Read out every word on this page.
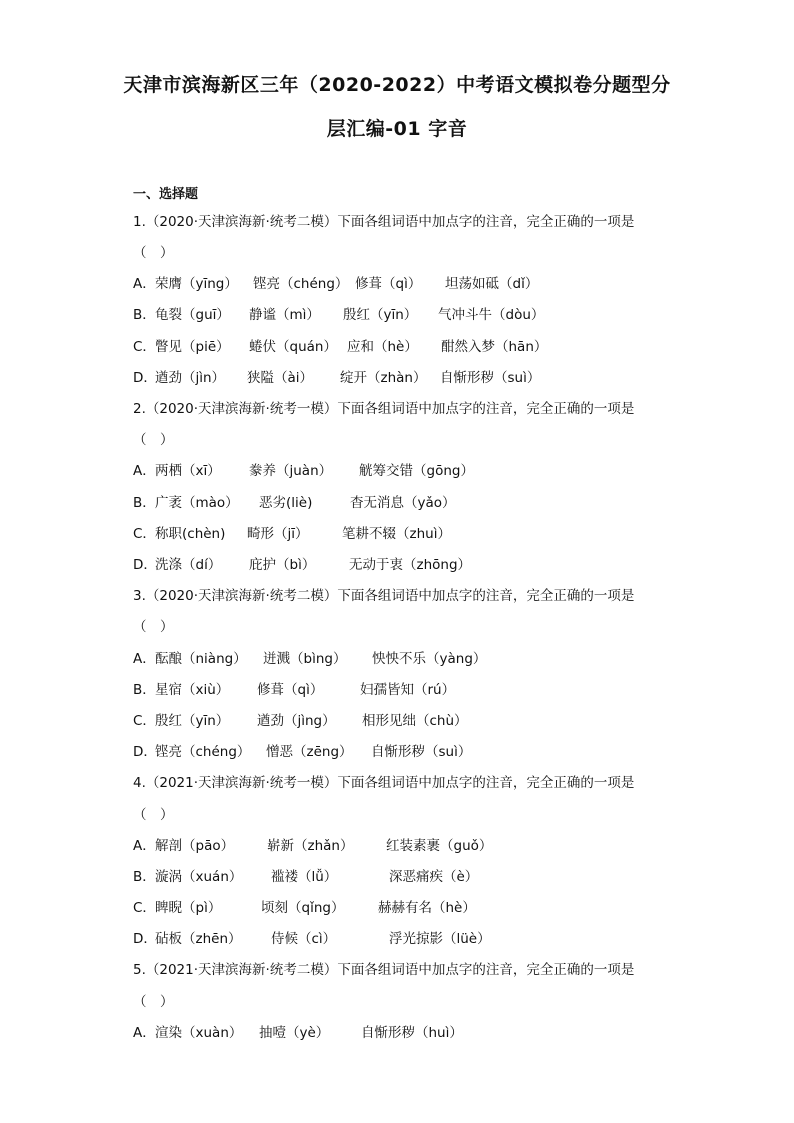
天津市滨海新区三年（2020-2022）中考语文模拟卷分题型分
层汇编-01 字音
一、选择题
1.（2020·天津滨海新·统考二模）下面各组词语中加点字的注音，完全正确的一项是
（　）
A． 荣膺（yīng） 铿亮（chéng） 修葺（qì） 坦荡如砥（dǐ）
B． 龟裂（guī） 静谧（mì） 殷红（yīn） 气冲斗牛（dòu）
C． 瞥见（piē） 蜷伏（quán） 应和（hè） 酣然入梦（hān）
D．
遒劲（jìn） 狭隘（ài） 绽开（zhàn） 自惭形秽（suì）
2.（2020·天津滨海新·统考一模）下面各组词语中加点字的注音，完全正确的一项是
（　）
A． 两栖（xī） 豢养（juàn） 觥筹交错（gōng）
B． 广袤（mào） 恶劣(liè)	杳无消息（yǎo）
C． 称职(chèn) 畸形（jī） 笔耕不辍（zhuì）
D．
洗涤（dí） 庇护（bì） 无动于衷（zhōng）
3.（2020·天津滨海新·统考二模）下面各组词语中加点字的注音，完全正确的一项是
（　）
A． 酝酿（niàng） 迸溅（bìng） 怏怏不乐（yàng）
B． 星宿（xiù） 修葺（qì）	妇孺皆知（rú）
C． 殷红（yīn） 遒劲（jìng） 相形见绌（chù）
D．
铿亮（chéng） 憎恶（zēng） 自惭形秽（suì）
4.（2021·天津滨海新·统考一模）下面各组词语中加点字的注音，完全正确的一项是
（　）
A． 解剖（pāo） 崭新（zhǎn） 红装素裹（guǒ）
B． 漩涡（xuán） 褴褛（lǚ）	深恶痛疾（è）
C． 睥睨（pì）	顷刻（qǐng） 赫赫有名（hè）
D．
砧板（zhēn） 侍候（cì）	浮光掠影（lüè）
5.（2021·天津滨海新·统考二模）下面各组词语中加点字的注音，完全正确的一项是
（　）
A． 渲染（xuàn） 抽噎（yè） 自惭形秽（huì）
